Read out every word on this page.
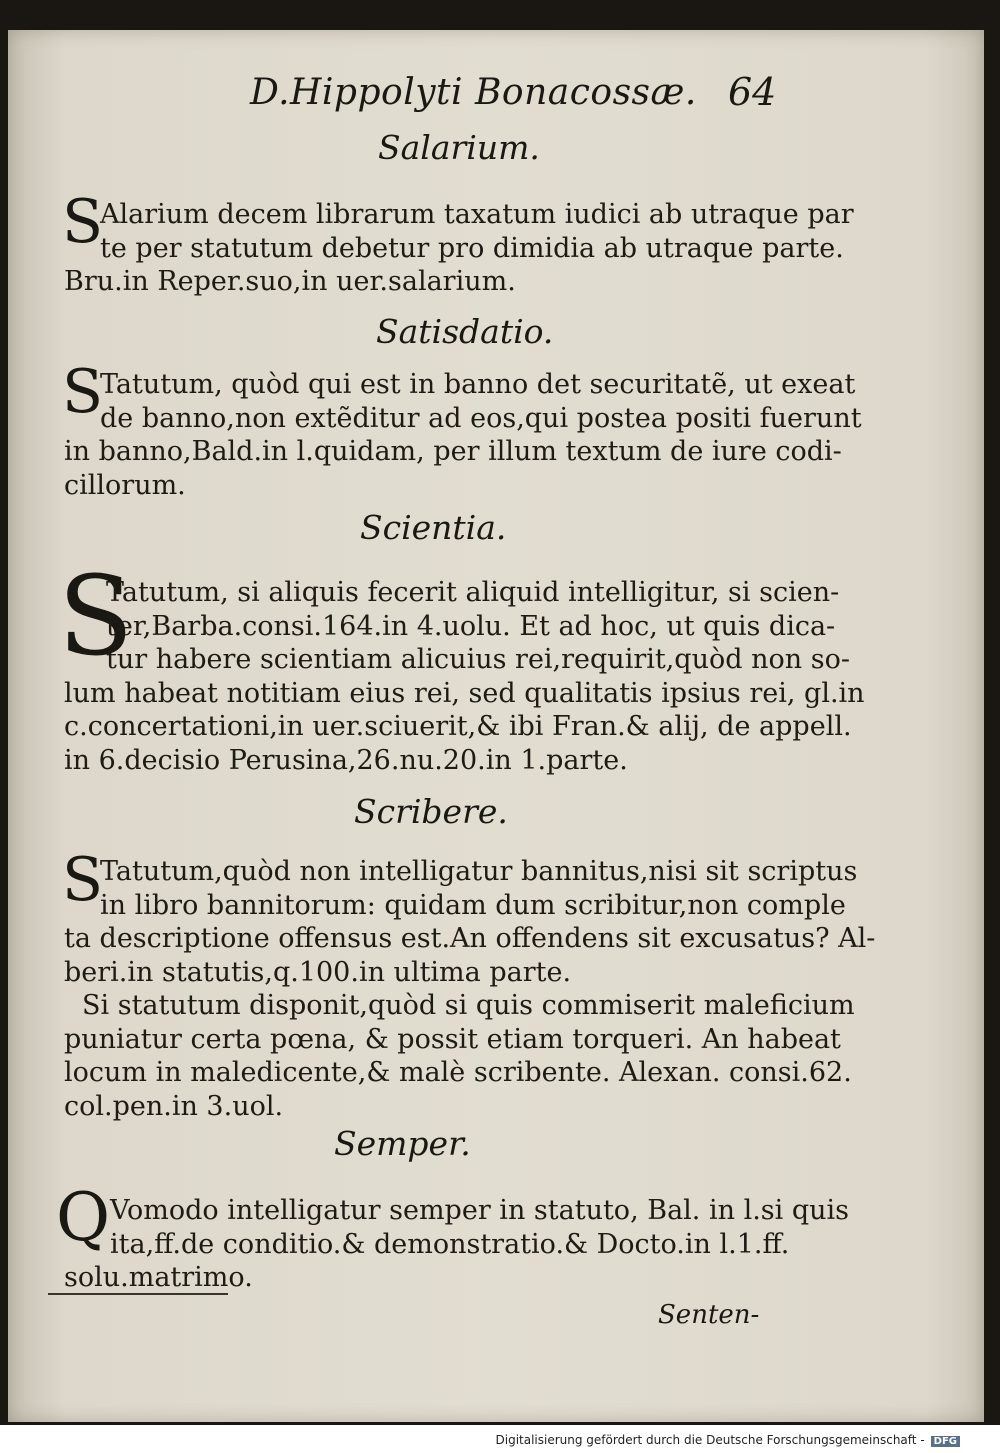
D.Hippolyti Bonacossæ. 64
Salarium.
S
Alarium decem librarum taxatum iudici ab utraque par
te per statutum debetur pro dimidia ab utraque parte.
Bru.in Reper.suo,in uer.salarium.
Satisdatio.
S
Tatutum, quòd qui est in banno det securitatẽ, ut exeat
de banno,non extẽditur ad eos,qui postea positi fuerunt
in banno,Bald.in l.quidam, per illum textum de iure codi-
cillorum.
Scientia.
S
Tatutum, si aliquis fecerit aliquid intelligitur, si scien-
ter,Barba.consi.164.in 4.uolu. Et ad hoc, ut quis dica-
tur habere scientiam alicuius rei,requirit,quòd non so-
lum habeat notitiam eius rei, sed qualitatis ipsius rei, gl.in
c.concertationi,in uer.sciuerit,& ibi Fran.& alij, de appell.
in 6.decisio Perusina,26.nu.20.in 1.parte.
Scribere.
S
Tatutum,quòd non intelligatur bannitus,nisi sit scriptus
in libro bannitorum: quidam dum scribitur,non comple
ta descriptione offensus est.An offendens sit excusatus? Al-
beri.in statutis,q.100.in ultima parte.
Si statutum disponit,quòd si quis commiserit maleficium
puniatur certa pœna, & possit etiam torqueri. An habeat
locum in maledicente,& malè scribente. Alexan. consi.62.
col.pen.in 3.uol.
Semper.
Q Vomodo intelligatur semper in statuto, Bal. in l.si quis
ita,ff.de conditio.& demonstratio.& Docto.in l.1.ff.
solu.matrimo.
Senten-
Digitalisierung gefördert durch die Deutsche Forschungsgemeinschaft - DFG
